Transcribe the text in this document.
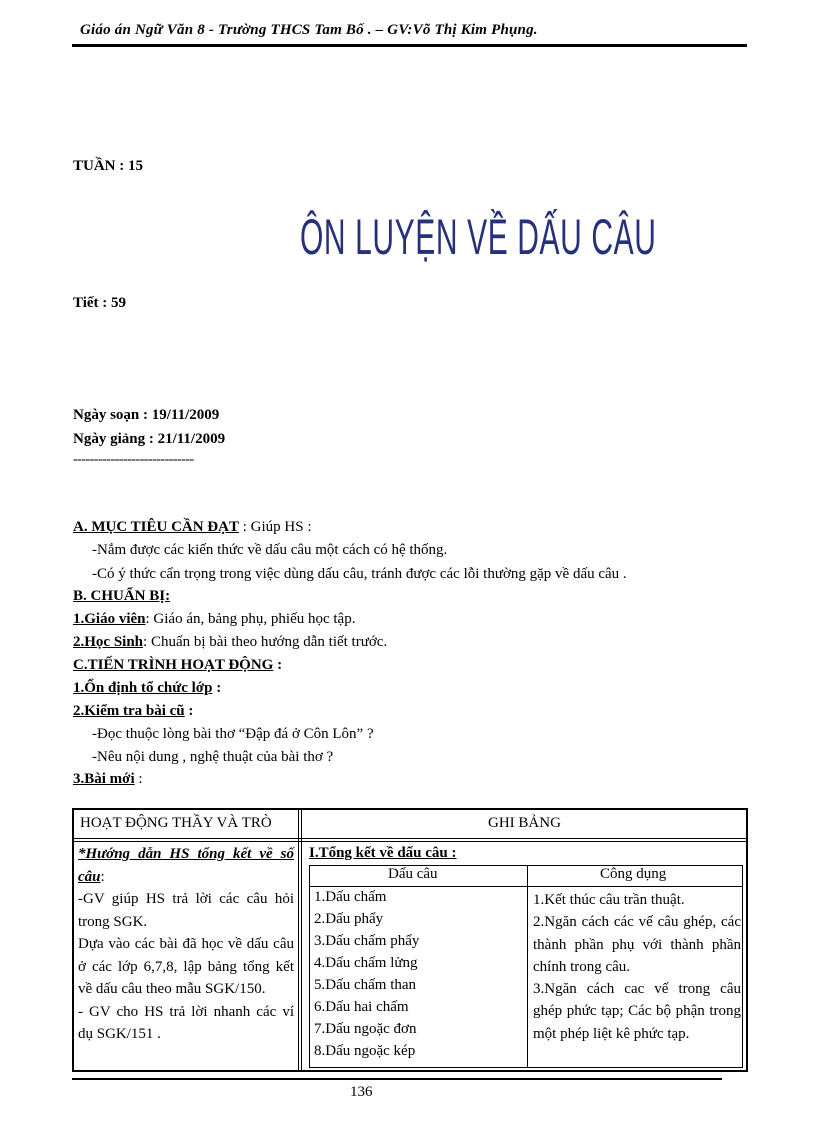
Giáo án Ngữ Văn 8 - Trường THCS Tam Bố . – GV:Võ Thị Kim Phụng.
TUẦN : 15
ÔN LUYỆN VỀ DẤU CÂU
Tiết : 59
Ngày soạn : 19/11/2009
Ngày giảng : 21/11/2009
-----------------------------
A. MỤC TIÊU CẦN ĐẠT : Giúp HS :
-Nắm được các kiến thức về dấu câu một cách có hệ thống.
-Có ý thức cẩn trọng trong việc dùng dấu câu, tránh được các lỗi thường gặp về dấu câu .
B. CHUẨN BỊ:
1.Giáo viên: Giáo án, bảng phụ, phiếu học tập.
2.Học Sinh: Chuẩn bị bài theo hướng dẫn tiết trước.
C.TIẾN TRÌNH HOẠT ĐỘNG :
1.Ổn định tổ chức lớp :
2.Kiểm tra bài cũ :
-Đọc thuộc lòng bài thơ “Đập đá ở Côn Lôn” ?
-Nêu nội dung , nghệ thuật của bài thơ ?
3.Bài mới :
HOẠT ĐỘNG THẦY VÀ TRÒ	GHI BẢNG

*Hướng dẫn HS tổng kết về số câu:

-GV giúp HS trả lời các câu hỏi trong SGK.

Dựa vào các bài đã học về dấu câu ở các lớp 6,7,8, lập bảng tổng kết về dấu câu theo mẫu SGK/150.

- GV cho HS trả lời nhanh các ví dụ SGK/151 .

I.Tổng kết về dấu câu :
Dấu câu	Công dụng
1.Dấu chấm
2.Dấu phẩy
3.Dấu chấm phẩy
4.Dấu chấm lửng
5.Dấu chấm than
6.Dấu hai chấm
7.Dấu ngoặc đơn
8.Dấu ngoặc kép
1.Kết thúc câu trần thuật.
2.Ngăn cách các vế câu ghép, các thành phần phụ với thành phần chính trong câu.
3.Ngăn cách cac vế trong câu ghép phức tạp; Các bộ phận trong một phép liệt kê phức tạp.
136
